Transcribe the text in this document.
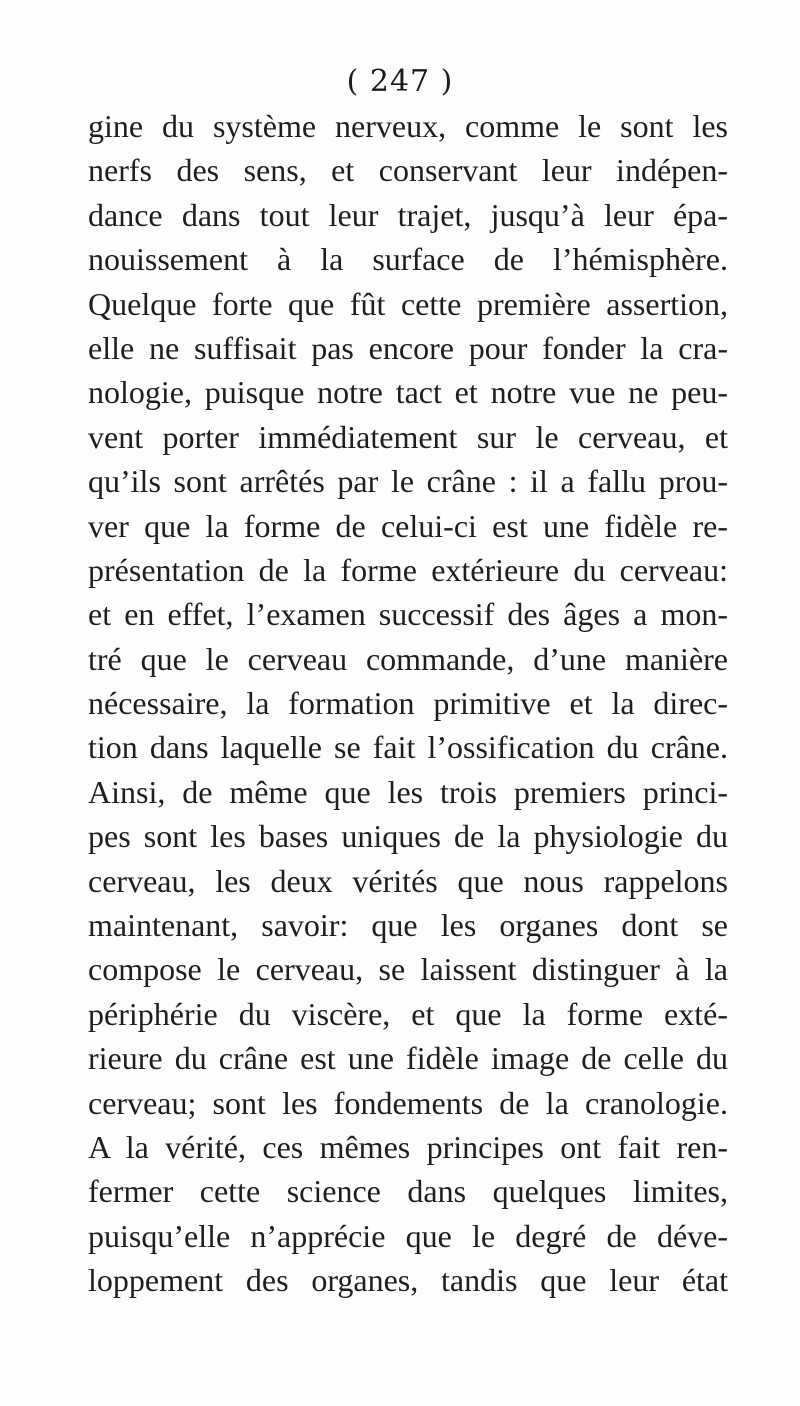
( 247 )
gine du système nerveux, comme le sont les
nerfs des sens, et conservant leur indépen-
dance dans tout leur trajet, jusqu’à leur épa-
nouissement à la surface de l’hémisphère.
Quelque forte que fût cette première assertion,
elle ne suffisait pas encore pour fonder la cra-
nologie, puisque notre tact et notre vue ne peu-
vent porter immédiatement sur le cerveau, et
qu’ils sont arrêtés par le crâne : il a fallu prou-
ver que la forme de celui-ci est une fidèle re-
présentation de la forme extérieure du cerveau:
et en effet, l’examen successif des âges a mon-
tré que le cerveau commande, d’une manière
nécessaire, la formation primitive et la direc-
tion dans laquelle se fait l’ossification du crâne.
Ainsi, de même que les trois premiers princi-
pes sont les bases uniques de la physiologie du
cerveau, les deux vérités que nous rappelons
maintenant, savoir: que les organes dont se
compose le cerveau, se laissent distinguer à la
périphérie du viscère, et que la forme exté-
rieure du crâne est une fidèle image de celle du
cerveau; sont les fondements de la cranologie.
A la vérité, ces mêmes principes ont fait ren-
fermer cette science dans quelques limites,
puisqu’elle n’apprécie que le degré de déve-
loppement des organes, tandis que leur état
